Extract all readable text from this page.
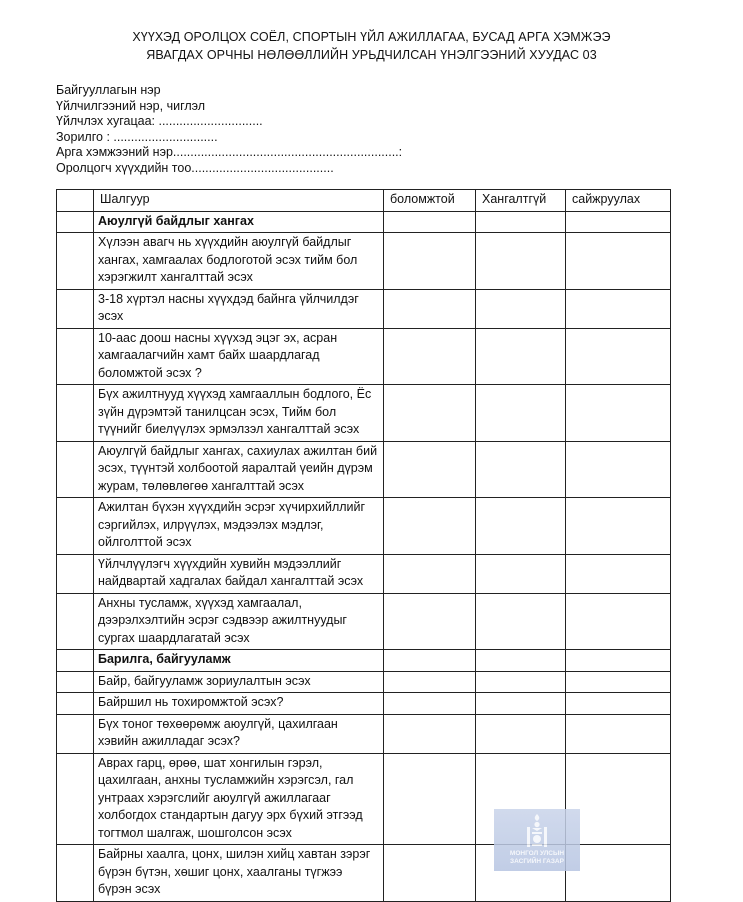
ХҮҮХЭД ОРОЛЦОХ СОЁЛ, СПОРТЫН ҮЙЛ АЖИЛЛАГАА, БУСАД АРГА ХЭМЖЭЭ
ЯВАГДАХ ОРЧНЫ НӨЛӨӨЛЛИЙН УРЬДЧИЛСАН ҮНЭЛГЭЭНИЙ ХУУДАС 03
Байгууллагын нэр
Үйлчилгээний нэр, чиглэл
Үйлчлэх хугацаа: ..............................
Зорилго : ..............................
Арга хэмжээний нэр.................................................................:
Оролцогч хүүхдийн тоо.........................................
	Шалгуур	боломжтой	Хангалтгүй	сайжруулах
	Аюулгүй байдлыг хангах			
	Хүлээн авагч нь хүүхдийн аюулгүй байдлыг хангах, хамгаалах бодлоготой эсэх тийм бол хэрэгжилт хангалттай эсэх			
	3-18 хүртэл насны хүүхдэд байнга үйлчилдэг эсэх			
	10-аас доош насны хүүхэд эцэг эх, асран хамгаалагчийн хамт байх шаардлагад боломжтой эсэх ?			
	Бүх ажилтнууд хүүхэд хамгааллын бодлого, Ёс зүйн дүрэмтэй танилцсан эсэх, Тийм бол түүнийг биелүүлэх эрмэлзэл хангалттай эсэх			
	Аюулгүй байдлыг хангах, сахиулах ажилтан бий эсэх, түүнтэй холбоотой яаралтай үеийн дүрэм журам, төлөвлөгөө хангалттай эсэх			
	Ажилтан бүхэн хүүхдийн эсрэг хүчирхийллийг сэргийлэх, илрүүлэх, мэдээлэх мэдлэг, ойлголттой эсэх			
	Үйлчлүүлэгч хүүхдийн хувийн мэдээллийг найдвартай хадгалах байдал хангалттай эсэх			
	Анхны тусламж, хүүхэд хамгаалал, дээрэлхэлтийн эсрэг сэдвээр ажилтнуудыг сургах шаардлагатай эсэх			
	Барилга, байгууламж			
	Байр, байгууламж зориулалтын эсэх			
	Байршил нь тохиромжтой эсэх?			
	Бүх тоног төхөөрөмж аюулгүй, цахилгаан хэвийн ажилладаг эсэх?			
	Аврах гарц, өрөө, шат хонгилын гэрэл, цахилгаан, анхны тусламжийн хэрэгсэл, гал унтраах хэрэгслийг аюулгүй ажиллагааг холбогдох стандартын дагуу эрх бүхий этгээд тогтмол шалгаж, шошголсон эсэх			
	Байрны хаалга, цонх, шилэн хийц хавтан зэрэг бүрэн бүтэн, хөшиг цонх, хаалганы түгжээ бүрэн эсэх			
МОНГОЛ УЛСЫН
ЗАСГИЙН ГАЗАР
